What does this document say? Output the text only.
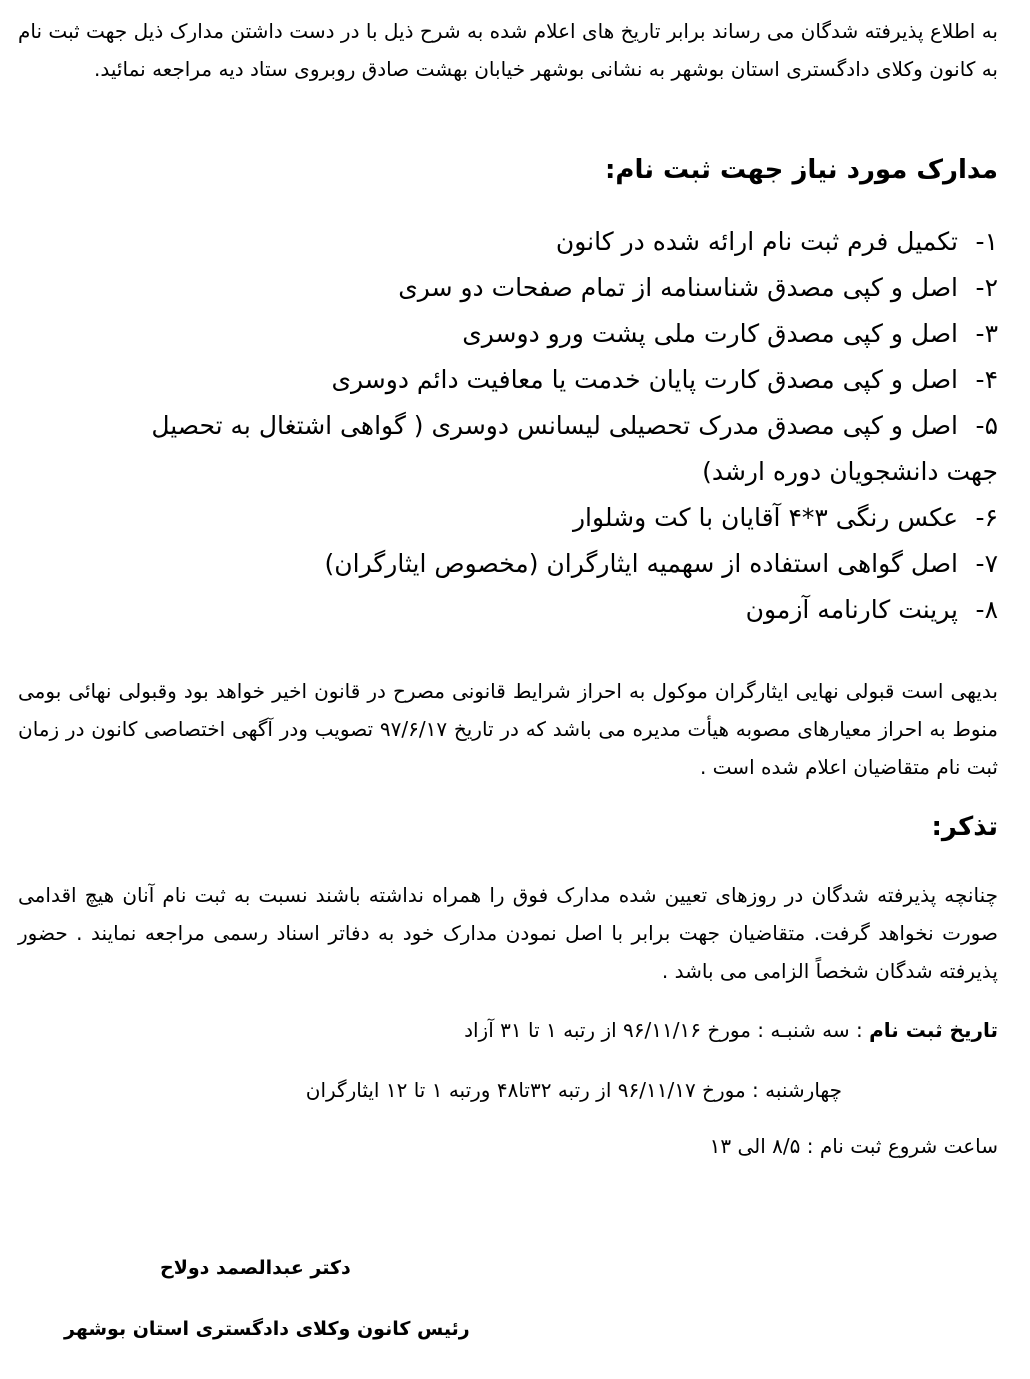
به اطلاع پذیرفته شدگان می رساند برابر تاریخ های اعلام شده به شرح ذیل با در دست داشتن مدارک ذیل جهت ثبت نام به کانون وکلای دادگستری استان بوشهر به نشانی بوشهر خیابان بهشت صادق روبروی ستاد دیه مراجعه نمائید.
مدارک مورد نیاز جهت ثبت نام:
۱-تکمیل فرم ثبت نام ارائه شده در کانون
۲-اصل و کپی مصدق شناسنامه از تمام صفحات دو سری
۳-اصل و کپی مصدق کارت ملی پشت ورو دوسری
۴-اصل و کپی مصدق کارت پایان خدمت یا معافیت دائم دوسری
۵-اصل و کپی مصدق مدرک تحصیلی لیسانس دوسری ( گواهی اشتغال به تحصیل جهت دانشجویان دوره ارشد)
۶-عکس رنگی ۳*۴ آقایان با کت وشلوار
۷-اصل گواهی استفاده از سهمیه ایثارگران (مخصوص ایثارگران)
۸-پرینت کارنامه آزمون
بدیهی است قبولی نهایی ایثارگران موکول به احراز شرایط قانونی مصرح در قانون اخیر خواهد بود وقبولی نهائی بومی منوط به احراز معیارهای مصوبه هیأت مدیره می باشد که در تاریخ ۹۷/۶/۱۷ تصویب ودر آگهی اختصاصی کانون در زمان ثبت نام متقاضیان اعلام شده است .
تذکر:
چنانچه پذیرفته شدگان در روزهای تعیین شده مدارک فوق را همراه نداشته باشند نسبت به ثبت نام آنان هیچ اقدامی صورت نخواهد گرفت. متقاضیان جهت برابر با اصل نمودن مدارک خود به دفاتر اسناد رسمی مراجعه نمایند . حضور پذیرفته شدگان شخصاً الزامی می باشد .
تاریخ ثبت نام : سه شنبـه : مورخ ۹۶/۱۱/۱۶ از رتبه ۱ تا ۳۱ آزاد
چهارشنبه : مورخ ۹۶/۱۱/۱۷ از رتبه ۳۲تا۴۸ ورتبه ۱ تا ۱۲ ایثارگران
ساعت شروع ثبت نام : ۸/۵ الی ۱۳
دکتر عبدالصمد دولاح
رئیس کانون وکلای دادگستری استان بوشهر
